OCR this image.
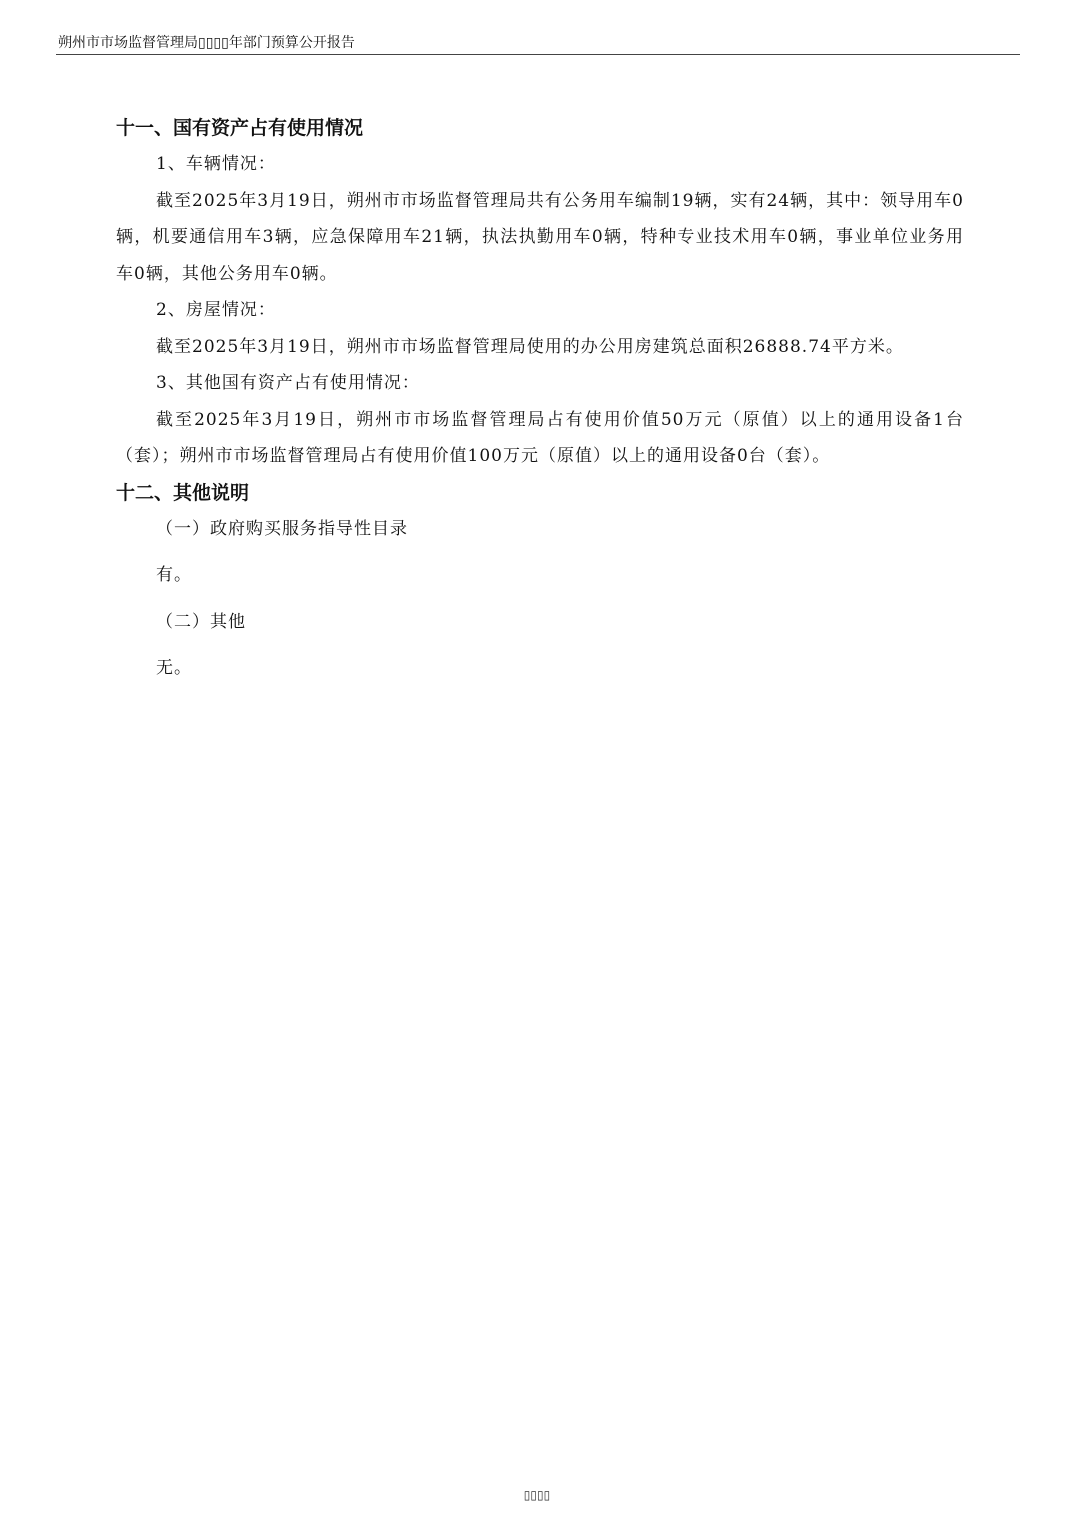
朔州市市场监督管理局▯▯▯▯年部门预算公开报告
十一、国有资产占有使用情况

1、车辆情况：

截至2025年3月19日，朔州市市场监督管理局共有公务用车编制19辆，实有24辆，其中：领导用车0辆，机要通信用车3辆，应急保障用车21辆，执法执勤用车0辆，特种专业技术用车0辆，事业单位业务用车0辆，其他公务用车0辆。

2、房屋情况：

截至2025年3月19日，朔州市市场监督管理局使用的办公用房建筑总面积26888.74平方米。

3、其他国有资产占有使用情况：

截至2025年3月19日，朔州市市场监督管理局占有使用价值50万元（原值）以上的通用设备1台（套）；朔州市市场监督管理局占有使用价值100万元（原值）以上的通用设备0台（套）。

十二、其他说明

（一）政府购买服务指导性目录

有。

（二）其他

无。

▯▯▯▯
